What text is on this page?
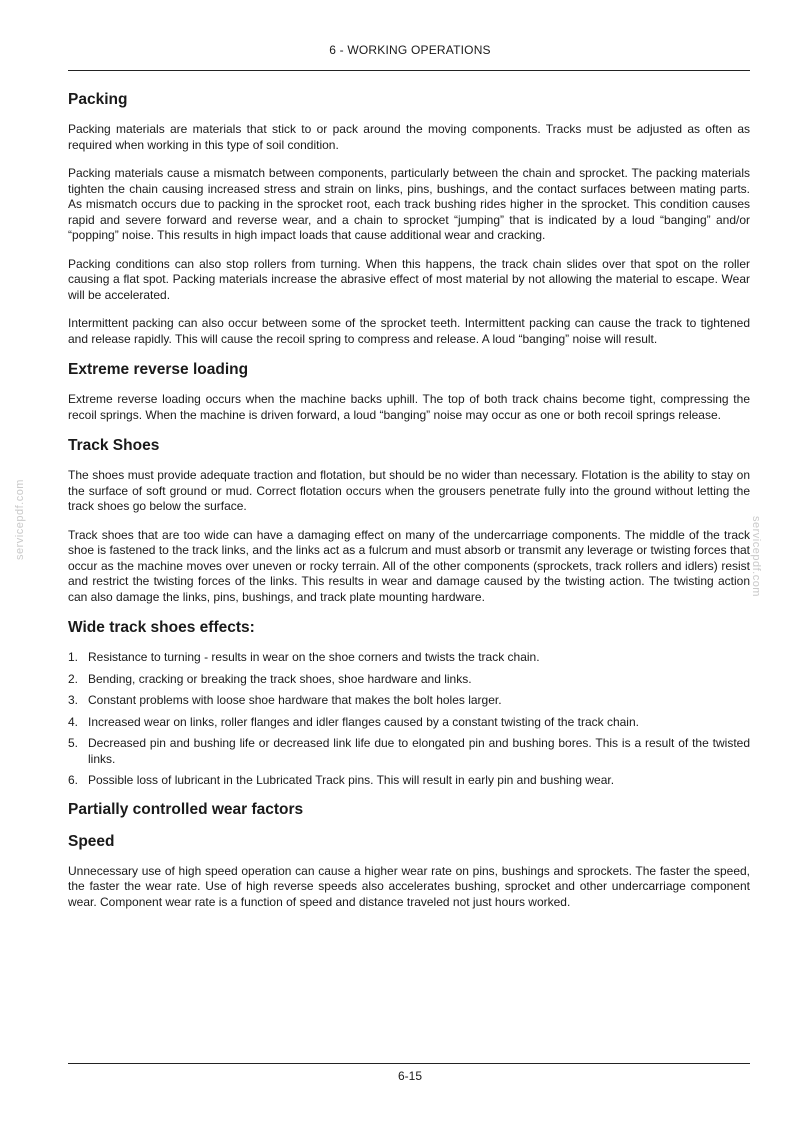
6 - WORKING OPERATIONS
servicepdf.com	servicepdf.com
Packing

Packing materials are materials that stick to or pack around the moving components. Tracks must be adjusted as often as required when working in this type of soil condition.

Packing materials cause a mismatch between components, particularly between the chain and sprocket. The packing materials tighten the chain causing increased stress and strain on links, pins, bushings, and the contact surfaces between mating parts. As mismatch occurs due to packing in the sprocket root, each track bushing rides higher in the sprocket. This condition causes rapid and severe forward and reverse wear, and a chain to sprocket “jumping” that is indicated by a loud “banging” and/or “popping” noise. This results in high impact loads that cause additional wear and cracking.

Packing conditions can also stop rollers from turning. When this happens, the track chain slides over that spot on the roller causing a flat spot. Packing materials increase the abrasive effect of most material by not allowing the material to escape. Wear will be accelerated.

Intermittent packing can also occur between some of the sprocket teeth. Intermittent packing can cause the track to tightened and release rapidly. This will cause the recoil spring to compress and release. A loud “banging” noise will result.

Extreme reverse loading

Extreme reverse loading occurs when the machine backs uphill. The top of both track chains become tight, compressing the recoil springs. When the machine is driven forward, a loud “banging” noise may occur as one or both recoil springs release.

Track Shoes

The shoes must provide adequate traction and flotation, but should be no wider than necessary. Flotation is the ability to stay on the surface of soft ground or mud. Correct flotation occurs when the grousers penetrate fully into the ground without letting the track shoes go below the surface.

Track shoes that are too wide can have a damaging effect on many of the undercarriage components. The middle of the track shoe is fastened to the track links, and the links act as a fulcrum and must absorb or transmit any leverage or twisting forces that occur as the machine moves over uneven or rocky terrain. All of the other components (sprockets, track rollers and idlers) resist and restrict the twisting forces of the links. This results in wear and damage caused by the twisting action. The twisting action can also damage the links, pins, bushings, and track plate mounting hardware.

Wide track shoes effects:
1. Resistance to turning - results in wear on the shoe corners and twists the track chain.
2. Bending, cracking or breaking the track shoes, shoe hardware and links.
3. Constant problems with loose shoe hardware that makes the bolt holes larger.
4. Increased wear on links, roller flanges and idler flanges caused by a constant twisting of the track chain.
5. Decreased pin and bushing life or decreased link life due to elongated pin and bushing bores. This is a result of the twisted links.
6. Possible loss of lubricant in the Lubricated Track pins. This will result in early pin and bushing wear.
Partially controlled wear factors
Speed

Unnecessary use of high speed operation can cause a higher wear rate on pins, bushings and sprockets. The faster the speed, the faster the wear rate. Use of high reverse speeds also accelerates bushing, sprocket and other undercarriage component wear. Component wear rate is a function of speed and distance traveled not just hours worked.

6-15
